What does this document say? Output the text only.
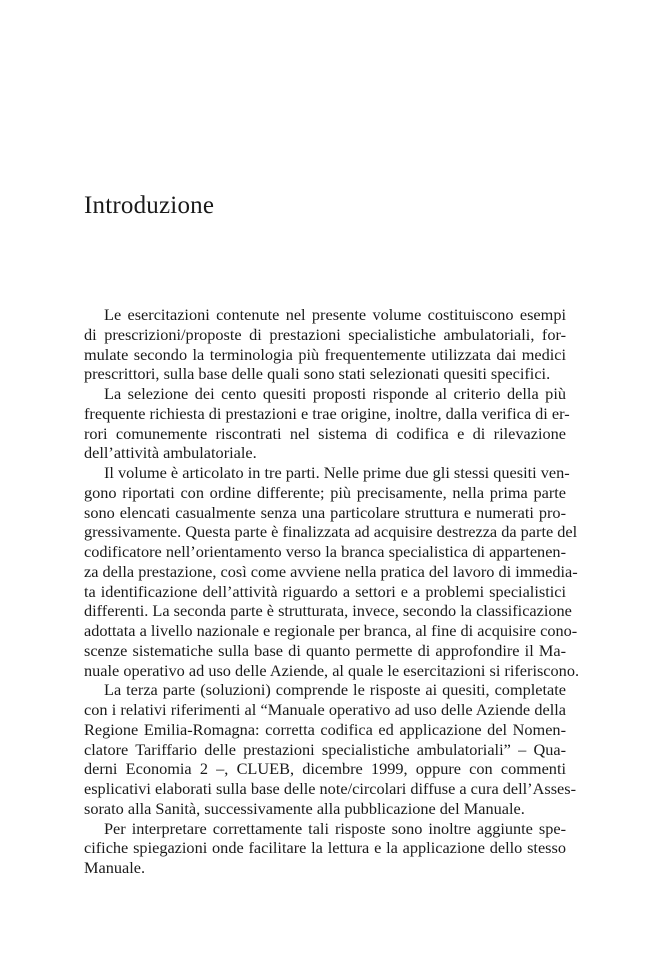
Introduzione
Le esercitazioni contenute nel presente volume costituiscono esempi
di prescrizioni/proposte di prestazioni specialistiche ambulatoriali, for-
mulate secondo la terminologia più frequentemente utilizzata dai medici
prescrittori, sulla base delle quali sono stati selezionati quesiti specifici.
La selezione dei cento quesiti proposti risponde al criterio della più
frequente richiesta di prestazioni e trae origine, inoltre, dalla verifica di er-
rori comunemente riscontrati nel sistema di codifica e di rilevazione
dell’attività ambulatoriale.
Il volume è articolato in tre parti. Nelle prime due gli stessi quesiti ven-
gono riportati con ordine differente; più precisamente, nella prima parte
sono elencati casualmente senza una particolare struttura e numerati pro-
gressivamente. Questa parte è finalizzata ad acquisire destrezza da parte del
codificatore nell’orientamento verso la branca specialistica di appartenen-
za della prestazione, così come avviene nella pratica del lavoro di immedia-
ta identificazione dell’attività riguardo a settori e a problemi specialistici
differenti. La seconda parte è strutturata, invece, secondo la classificazione
adottata a livello nazionale e regionale per branca, al fine di acquisire cono-
scenze sistematiche sulla base di quanto permette di approfondire il Ma-
nuale operativo ad uso delle Aziende, al quale le esercitazioni si riferiscono.
La terza parte (soluzioni) comprende le risposte ai quesiti, completate
con i relativi riferimenti al “Manuale operativo ad uso delle Aziende della
Regione Emilia-Romagna: corretta codifica ed applicazione del Nomen-
clatore Tariffario delle prestazioni specialistiche ambulatoriali” – Qua-
derni Economia 2 –, CLUEB, dicembre 1999, oppure con commenti
esplicativi elaborati sulla base delle note/circolari diffuse a cura dell’Asses-
sorato alla Sanità, successivamente alla pubblicazione del Manuale.
Per interpretare correttamente tali risposte sono inoltre aggiunte spe-
cifiche spiegazioni onde facilitare la lettura e la applicazione dello stesso
Manuale.
